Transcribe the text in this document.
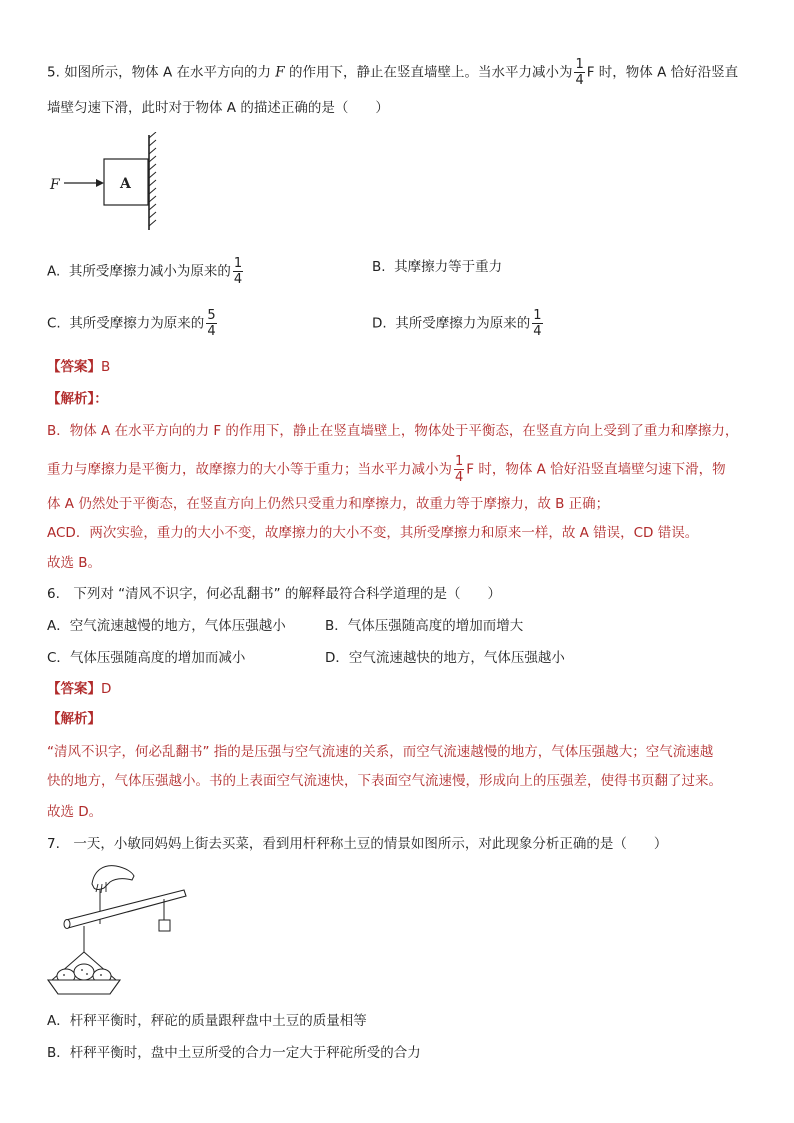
5. 如图所示，物体 A 在水平方向的力 F 的作用下，静止在竖直墙壁上。当水平力减小为 $\frac{1}{4}$ F 时，物体 A 恰好沿竖直
墙壁匀速下滑，此时对于物体 A 的描述正确的是（　　）
F	A
A. 其所受摩擦力减小为原来的 $\frac{1}{4}$	B. 其摩擦力等于重力
C. 其所受摩擦力为原来的 $\frac{5}{4}$	D. 其所受摩擦力为原来的 $\frac{1}{4}$
【答案】B
【解析】：
B．物体 A 在水平方向的力 F 的作用下，静止在竖直墙壁上，物体处于平衡态，在竖直方向上受到了重力和摩擦力，
重力与摩擦力是平衡力，故摩擦力的大小等于重力；当水平力减小为 $\frac{1}{4}$ F 时，物体 A 恰好沿竖直墙壁匀速下滑，物
体 A 仍然处于平衡态，在竖直方向上仍然只受重力和摩擦力，故重力等于摩擦力，故 B 正确；
ACD．两次实验，重力的大小不变，故摩擦力的大小不变，其所受摩擦力和原来一样，故 A 错误，CD 错误。
故选 B。
6.　下列对 “清风不识字，何必乱翻书” 的解释最符合科学道理的是（　　）
A．空气流速越慢的地方，气体压强越小	B．气体压强随高度的增加而增大
C．气体压强随高度的增加而减小	D．空气流速越快的地方，气体压强越小
【答案】D
【解析】
“清风不识字，何必乱翻书” 指的是压强与空气流速的关系，而空气流速越慢的地方，气体压强越大；空气流速越
快的地方，气体压强越小。书的上表面空气流速快，下表面空气流速慢，形成向上的压强差，使得书页翻了过来。
故选 D。
7.　一天，小敏同妈妈上街去买菜，看到用杆秤称土豆的情景如图所示，对此现象分析正确的是（　　）
A．杆秤平衡时，秤砣的质量跟秤盘中土豆的质量相等
B．杆秤平衡时，盘中土豆所受的合力一定大于秤砣所受的合力
